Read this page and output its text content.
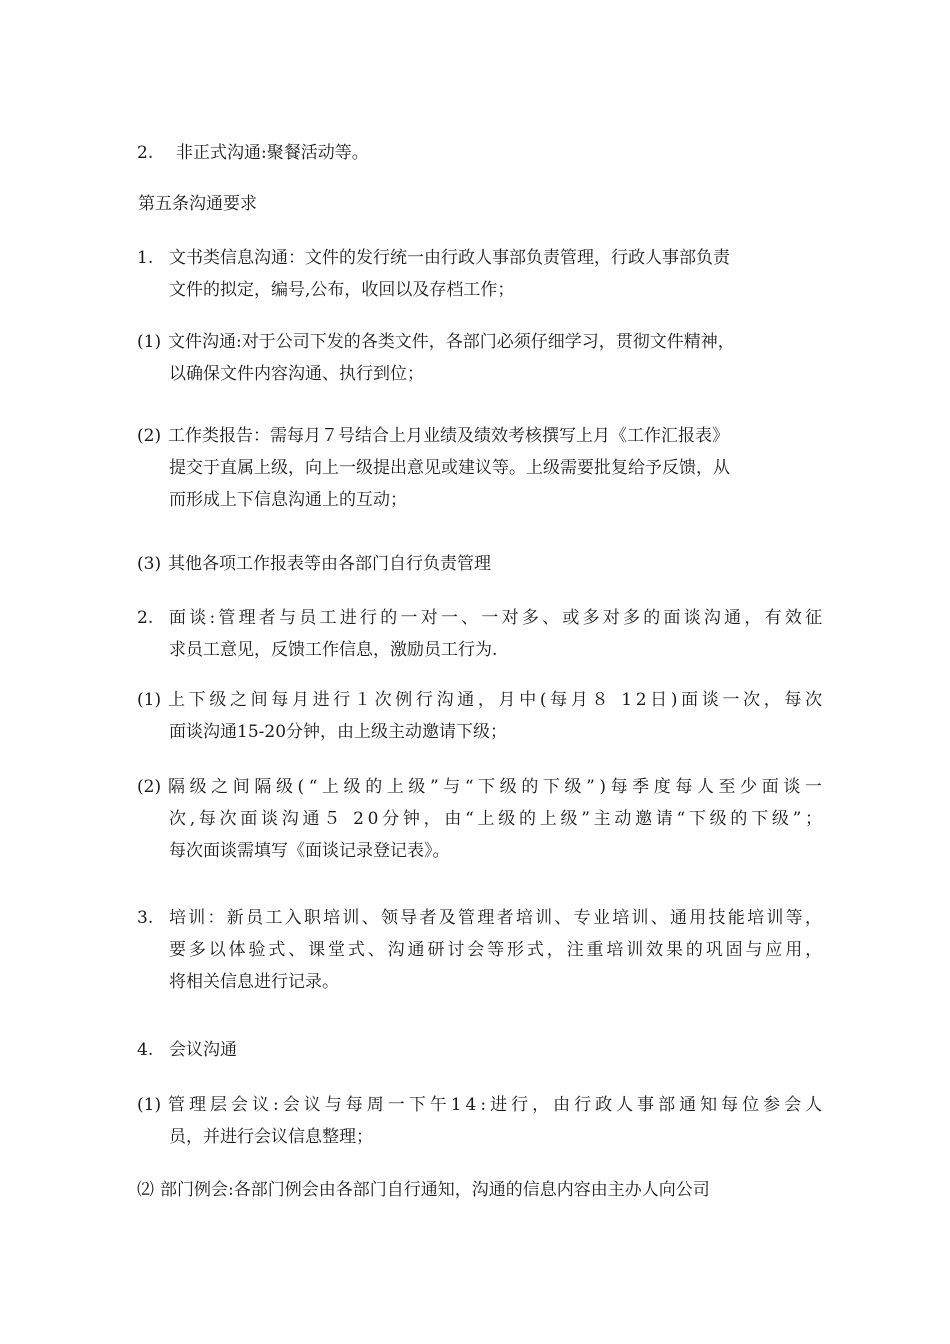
2. 非正式沟通:聚餐活动等。
第五条沟通要求
1. 文书类信息沟通：文件的发行统一由行政人事部负责管理，行政人事部负责
文件的拟定，编号,公布，收回以及存档工作；
(1) 文件沟通:对于公司下发的各类文件，各部门必须仔细学习，贯彻文件精神，
以确保文件内容沟通、执行到位；
(2) 工作类报告：需每月７号结合上月业绩及绩效考核撰写上月《工作汇报表》
提交于直属上级，向上一级提出意见或建议等。上级需要批复给予反馈，从
而形成上下信息沟通上的互动；
(3) 其他各项工作报表等由各部门自行负责管理
2. 面谈:管理者与员工进行的一对一、一对多、或多对多的面谈沟通，有效征
求员工意见，反馈工作信息，激励员工行为.
(1) 上下级之间每月进行１次例行沟通，月中(每月８ 12日)面谈一次，每次
面谈沟通15-20分钟，由上级主动邀请下级；
(2) 隔级之间隔级(“上级的上级”与“下级的下级”)每季度每人至少面谈一
次,每次面谈沟通５ 20分钟，由“上级的上级”主动邀请“下级的下级”；
每次面谈需填写《面谈记录登记表》。
3. 培训：新员工入职培训、领导者及管理者培训、专业培训、通用技能培训等，
要多以体验式、课堂式、沟通研讨会等形式，注重培训效果的巩固与应用，
将相关信息进行记录。
4. 会议沟通
(1) 管理层会议:会议与每周一下午14:进行，由行政人事部通知每位参会人
员，并进行会议信息整理；
⑵ 部门例会:各部门例会由各部门自行通知，沟通的信息内容由主办人向公司
